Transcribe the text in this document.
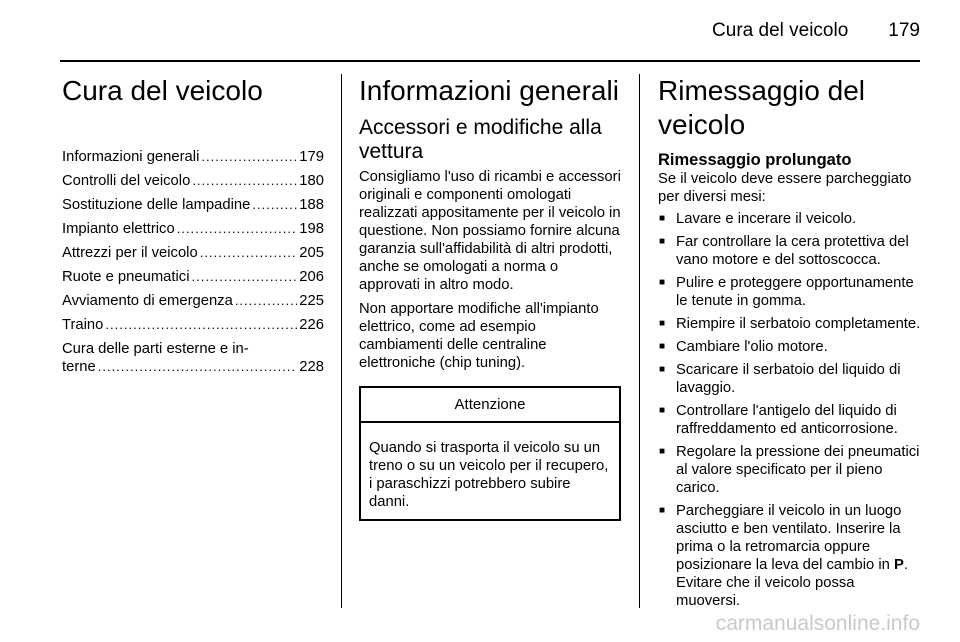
Cura del veicolo 179
Cura del veicolo
Informazioni generali .....	179
Controlli del veicolo .....	180
Sostituzione delle lampadine .....	188
Impianto elettrico .....	198
Attrezzi per il veicolo .....	205
Ruote e pneumatici .....	206
Avviamento di emergenza .....	225
Traino .....	226
Cura delle parti esterne e in-
terne .....	228
Informazioni generali
Accessori e modifiche alla vettura

Consigliamo l'uso di ricambi e accessori originali e componenti omologati realizzati appositamente per il veicolo in questione. Non possiamo fornire alcuna garanzia sull'affidabilità di altri prodotti, anche se omologati a norma o approvati in altro modo.

Non apportare modifiche all'impianto elettrico, come ad esempio cambiamenti delle centraline elettroniche (chip tuning).

Attenzione
Quando si trasporta il veicolo su un treno o su un veicolo per il recupero, i paraschizzi potrebbero subire danni.
Rimessaggio del veicolo
Rimessaggio prolungato

Se il veicolo deve essere parcheggiato per diversi mesi:

■ Lavare e incerare il veicolo.
■ Far controllare la cera protettiva del vano motore e del sottoscocca.
■ Pulire e proteggere opportunamente le tenute in gomma.
■ Riempire il serbatoio completamente.
■ Cambiare l'olio motore.
■ Scaricare il serbatoio del liquido di lavaggio.
■ Controllare l'antigelo del liquido di raffreddamento ed anticorrosione.
■ Regolare la pressione dei pneumatici al valore specificato per il pieno carico.
■ Parcheggiare il veicolo in un luogo asciutto e ben ventilato. Inserire la prima o la retromarcia oppure posizionare la leva del cambio in P. Evitare che il veicolo possa muoversi.
carmanualsonline.info
